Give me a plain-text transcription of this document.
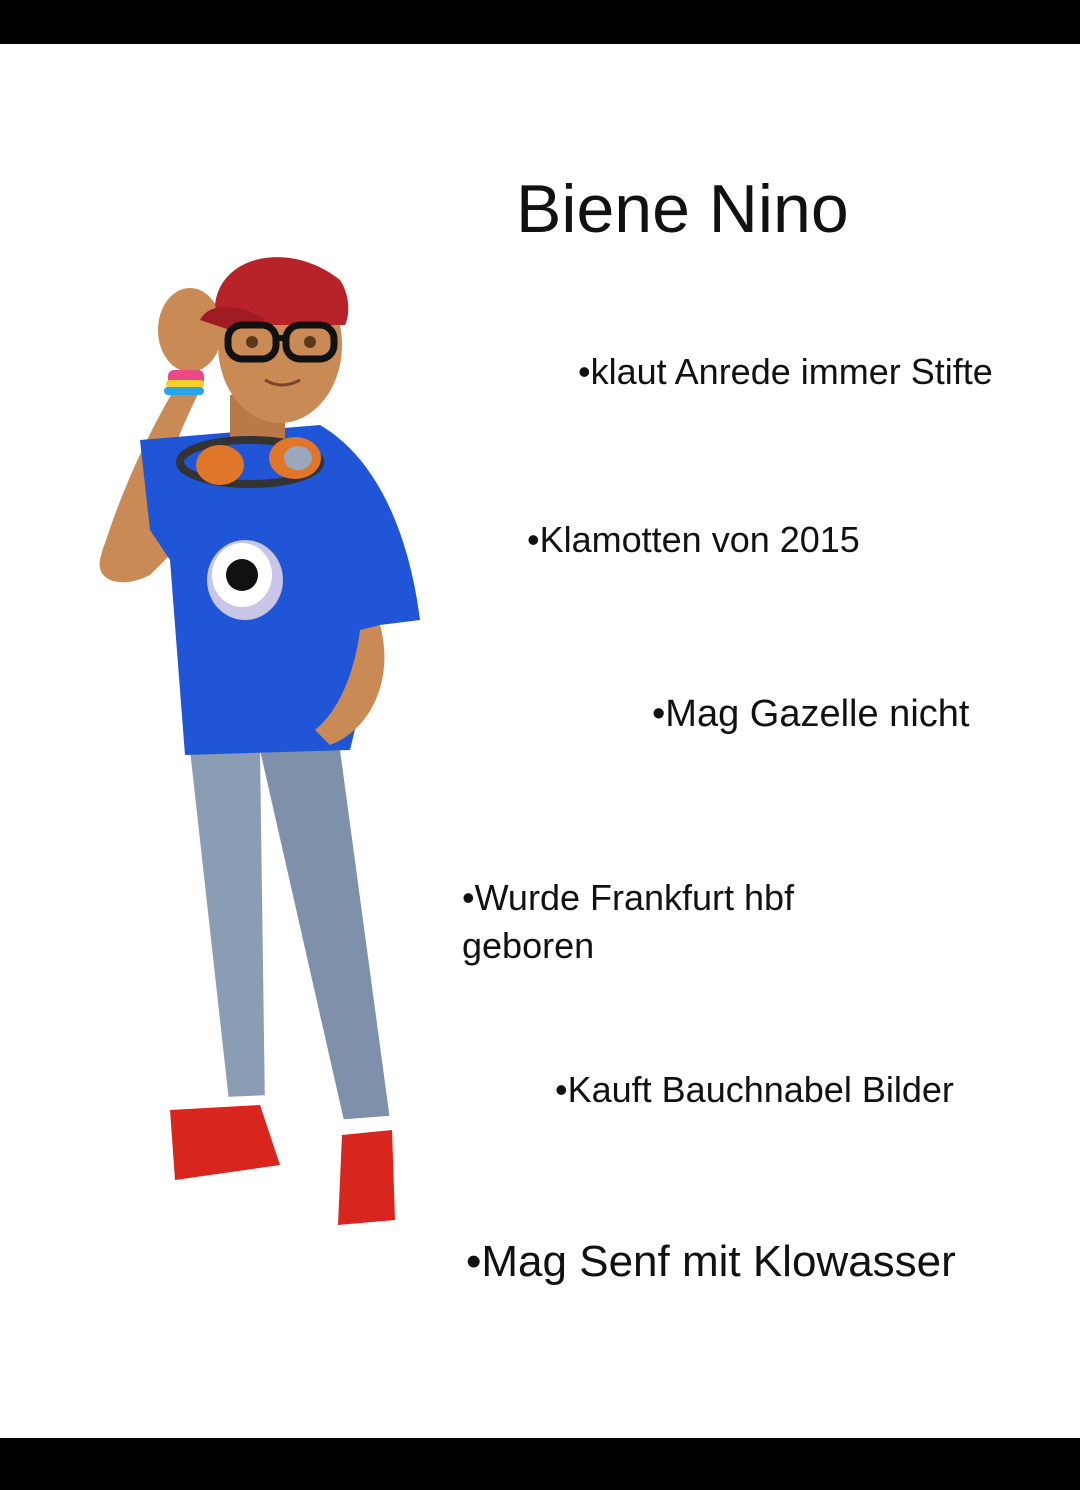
Biene Nino
•klaut Anrede immer Stifte
•Klamotten von 2015
•Mag Gazelle nicht
•Wurde Frankfurt hbf geboren
•Kauft Bauchnabel Bilder
•Mag Senf mit Klowasser
